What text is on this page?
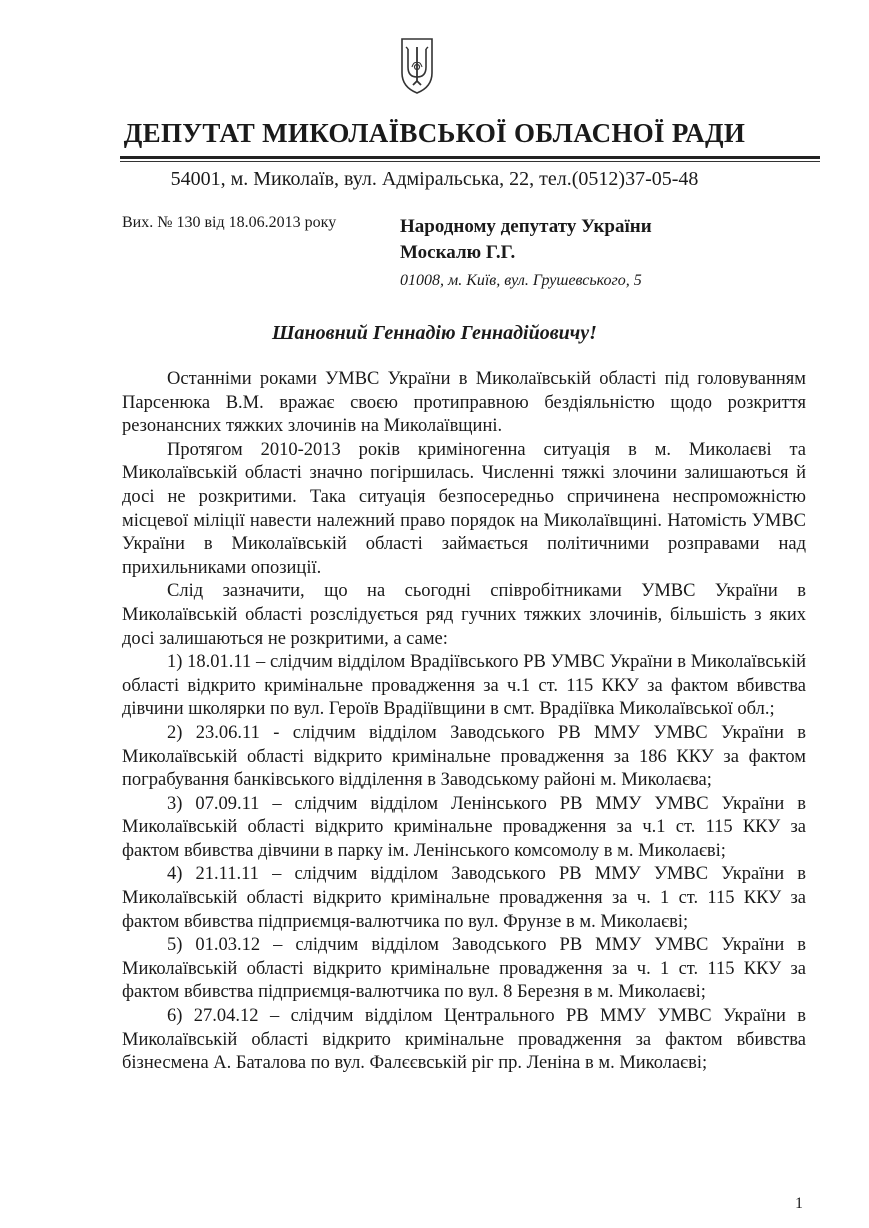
ДЕПУТАТ МИКОЛАЇВСЬКОЇ ОБЛАСНОЇ РАДИ
54001, м. Миколаїв, вул. Адміральська, 22, тел.(0512)37-05-48
Вих. № 130 від 18.06.2013 року	Народному депутату України
Москалю Г.Г.
01008, м. Київ, вул. Грушевського, 5
Шановний Геннадію Геннадійовичу!

Останніми роками УМВС України в Миколаївській області під головуванням Парсенюка В.М. вражає своєю протиправною бездіяльністю щодо розкриття резонансних тяжких злочинів на Миколаївщині.

Протягом 2010-2013 років криміногенна ситуація в м. Миколаєві та Миколаївській області значно погіршилась. Численні тяжкі злочини залишаються й досі не розкритими. Така ситуація безпосередньо спричинена неспроможністю місцевої міліції навести належний право порядок на Миколаївщині. Натомість УМВС України в Миколаївській області займається політичними розправами над прихильниками опозиції.

Слід зазначити, що на сьогодні співробітниками УМВС України в Миколаївській області розслідується ряд гучних тяжких злочинів, більшість з яких досі залишаються не розкритими, а саме:

1) 18.01.11 – слідчим відділом Врадіївського РВ УМВС України в Миколаївській області відкрито кримінальне провадження за ч.1 ст. 115 ККУ за фактом вбивства дівчини школярки по вул. Героїв Врадіївщини в смт. Врадіївка Миколаївської обл.;

2) 23.06.11 - слідчим відділом Заводського РВ ММУ УМВС України в Миколаївській області відкрито кримінальне провадження за 186 ККУ за фактом пограбування банківського відділення в Заводському районі м. Миколаєва;

3) 07.09.11 – слідчим відділом Ленінського РВ ММУ УМВС України в Миколаївській області відкрито кримінальне провадження за ч.1 ст. 115 ККУ за фактом вбивства дівчини в парку ім. Ленінського комсомолу в м. Миколаєві;

4) 21.11.11 – слідчим відділом Заводського РВ ММУ УМВС України в Миколаївській області відкрито кримінальне провадження за ч. 1 ст. 115 ККУ за фактом вбивства підприємця-валютчика по вул. Фрунзе в м. Миколаєві;

5) 01.03.12 – слідчим відділом Заводського РВ ММУ УМВС України в Миколаївській області відкрито кримінальне провадження за ч. 1 ст. 115 ККУ за фактом вбивства підприємця-валютчика по вул. 8 Березня в м. Миколаєві;

6) 27.04.12 – слідчим відділом Центрального РВ ММУ УМВС України в Миколаївській області відкрито кримінальне провадження за фактом вбивства бізнесмена А. Баталова по вул. Фалєєвській ріг пр. Леніна в м. Миколаєві;

1
